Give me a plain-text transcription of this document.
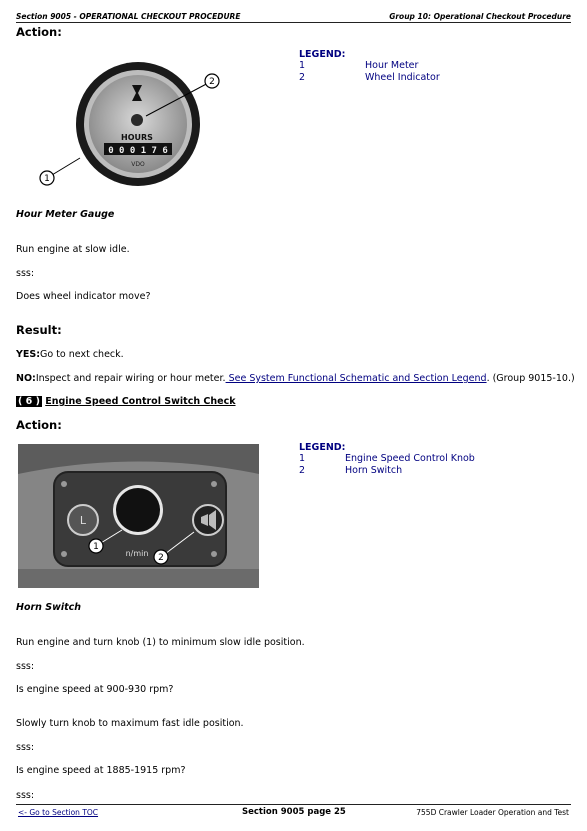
Section 9005 - OPERATIONAL CHECKOUT PROCEDURE	Group 10: Operational Checkout Procedure
Action:
HOURS
0 0 0 1 7 6
VDO
1
2
LEGEND:
1	Hour Meter
2	Wheel Indicator
Hour Meter Gauge
Run engine at slow idle.
sss:
Does wheel indicator move?
Result:
YES:Go to next check.
NO:Inspect and repair wiring or hour meter. See System Functional Schematic and Section Legend. (Group 9015-10.)
( 6 ) Engine Speed Control Switch Check
Action:
L
n/min
1
2
LEGEND:
1	Engine Speed Control Knob
2	Horn Switch
Horn Switch
Run engine and turn knob (1) to minimum slow idle position.
sss:
Is engine speed at 900-930 rpm?
Slowly turn knob to maximum fast idle position.
sss:
Is engine speed at 1885-1915 rpm?
sss:
<- Go to Section TOC	Section 9005 page 25	755D Crawler Loader Operation and Test
